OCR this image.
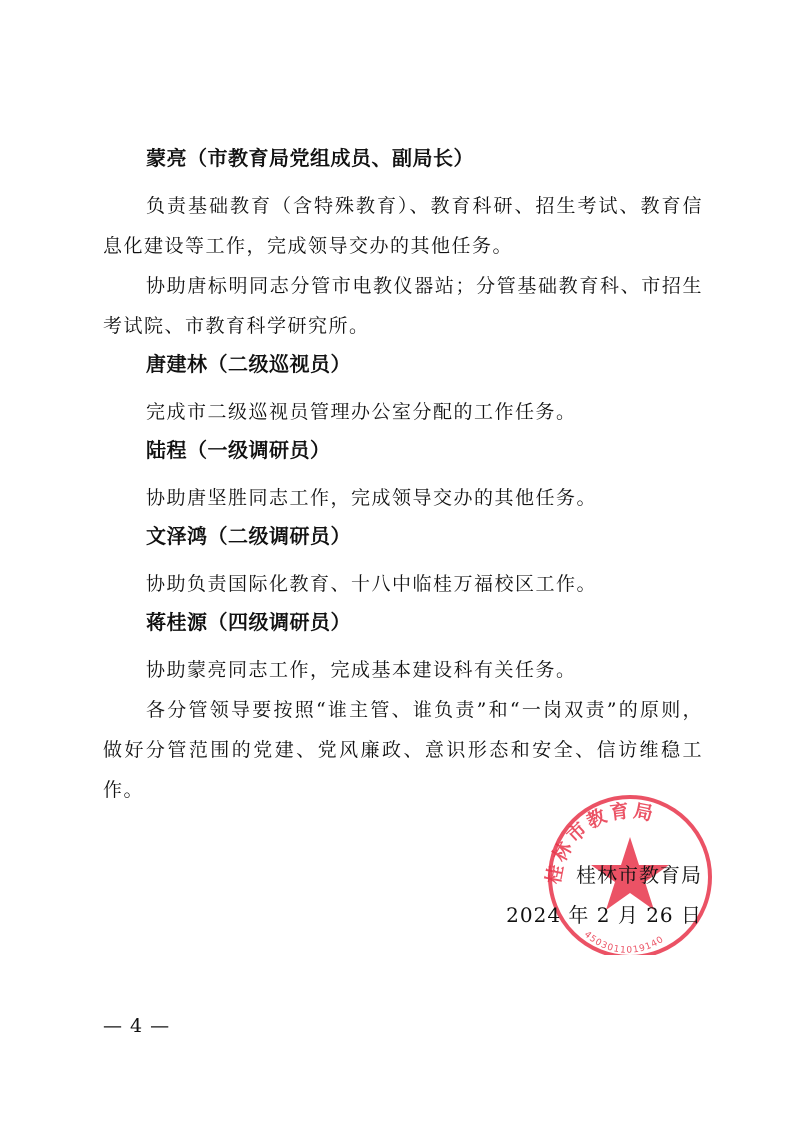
蒙亮（市教育局党组成员、副局长）

负责基础教育（含特殊教育）、教育科研、招生考试、教育信息化建设等工作，完成领导交办的其他任务。

协助唐标明同志分管市电教仪器站；分管基础教育科、市招生考试院、市教育科学研究所。

唐建林（二级巡视员）

完成市二级巡视员管理办公室分配的工作任务。

陆程（一级调研员）

协助唐坚胜同志工作，完成领导交办的其他任务。

文泽鸿（二级调研员）

协助负责国际化教育、十八中临桂万福校区工作。

蒋桂源（四级调研员）

协助蒙亮同志工作，完成基本建设科有关任务。

各分管领导要按照“谁主管、谁负责”和“一岗双责”的原则，做好分管范围的党建、党风廉政、意识形态和安全、信访维稳工作。

桂林市教育局
4503011019140
桂林市教育局
2024 年 2 月 26 日
— 4 —
